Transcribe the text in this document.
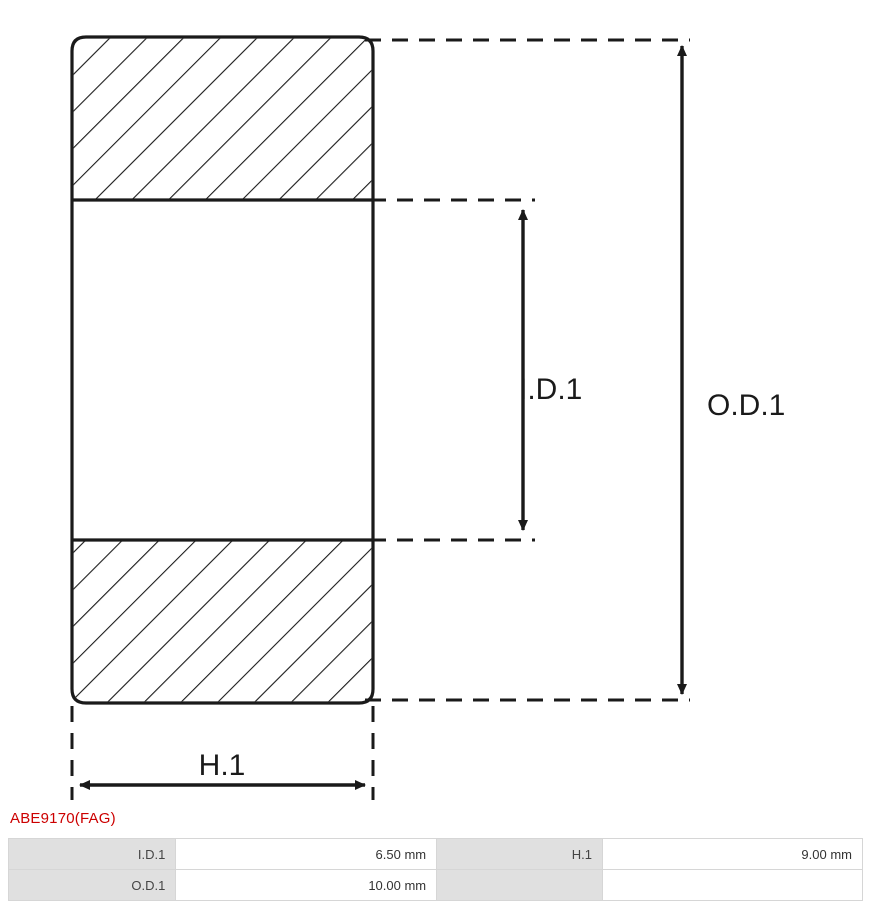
I.D.1	O.D.1
H.1
ABE9170(FAG)
I.D.1	6.50 mm	H.1	9.00 mm
O.D.1	10.00 mm		
